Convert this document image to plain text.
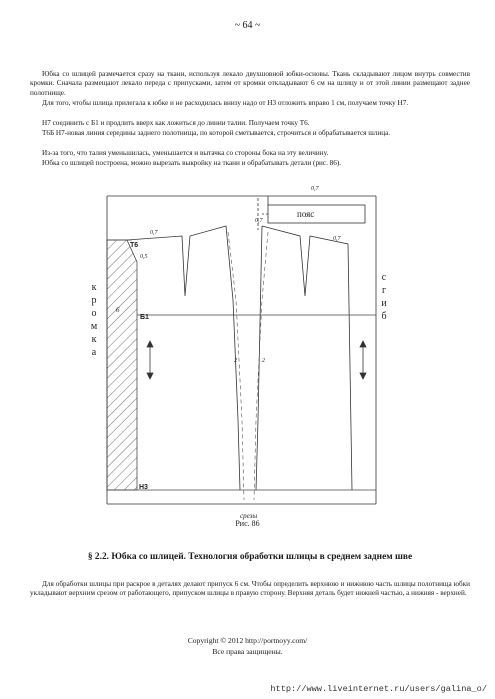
~ 64 ~
Юбка со шлицей размечается сразу на ткани, используя лекало двухшовной юбки-основы. Ткань складывают лицом внутрь совместив кромки. Сначала размещают лекало переда с припусками, затем от кромки откладывают 6 см на шлицу и от этой линии размещают заднее полотнище.
Для того, чтобы шлица прилегала к юбке и не расходилась внизу надо от Н3 отложить вправо 1 см, получаем точку Н7.
Н7 соединить с Б1 и продлить вверх как ложиться до линии талии. Получаем точку Т6.
Т6Б Н7-новая линия середины заднего полотнища, по которой сметывается, строчиться и обрабатывается шлица.
Из-за того, что талия уменьшилась, уменьшается и вытачка со стороны бока на эту величину.
Юбка со шлицей построена, можно вырезать выкройку на ткани и обрабатывать детали (рис. 86).
пояс
Т6
Б1
Н3
0,7
0,5
6
0,7
0,7
0,7
2	2
срезы
к
р
о
м
к
а
с
г
и
б
Рис. 86
§ 2.2. Юбка со шлицей. Технология обработки шлицы в среднем заднем шве
Для обработки шлицы при раскрое в деталях делают припуск 6 см. Чтобы определить верхнюю и нижнюю часть шлицы полотнища юбки укладывают верхним срезом от работающего, припуском шлицы в правую сторону. Верхняя деталь будет нижней частью, а нижняя - верхней.
Copyright © 2012 http://portnoyy.com/
Все права защищены.
http://www.liveinternet.ru/users/galina_o/
